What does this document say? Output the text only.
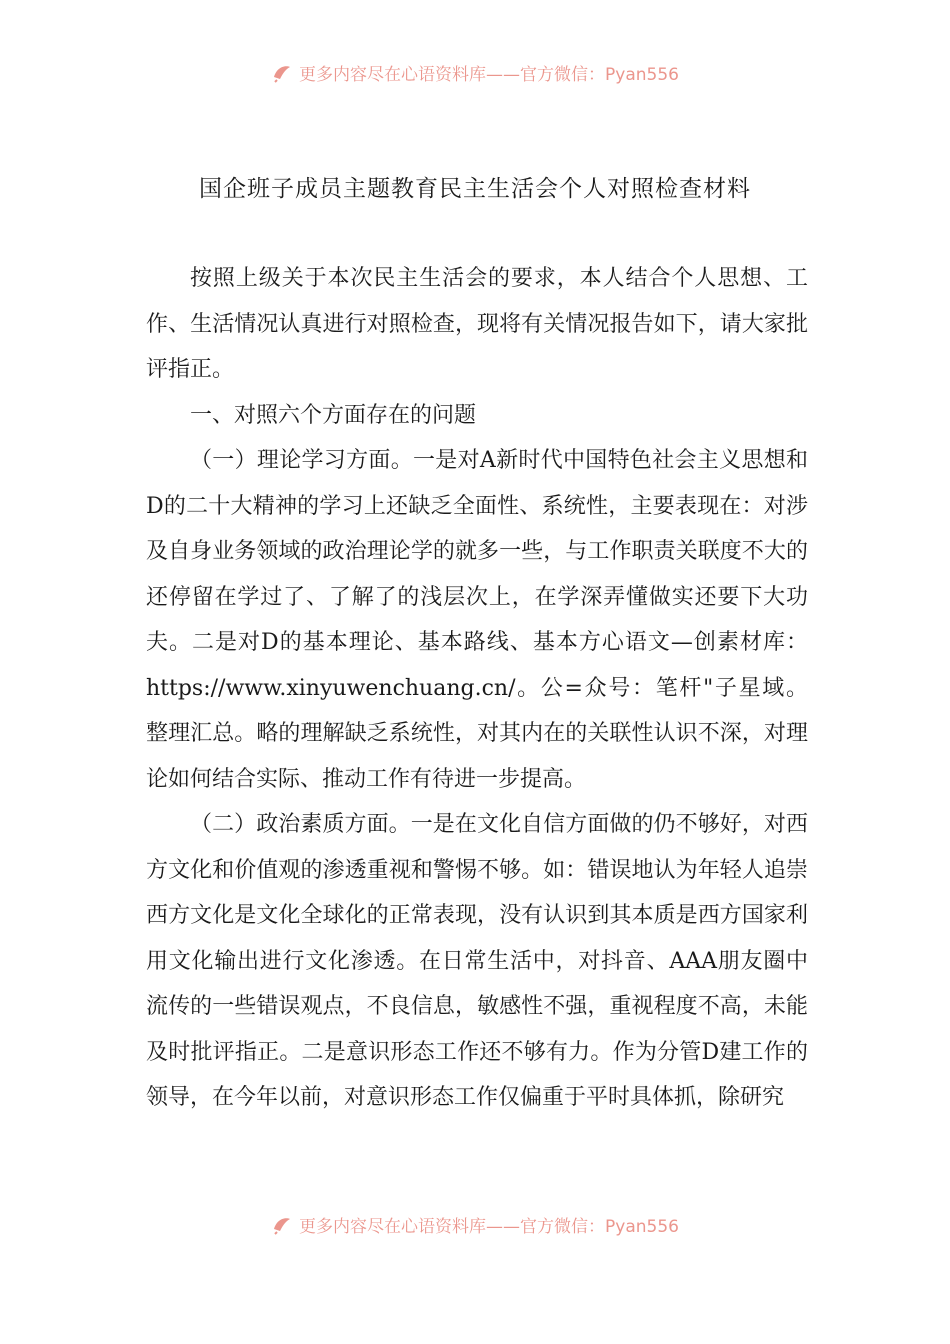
更多内容尽在心语资料库——官方微信：Pyan556
国企班子成员主题教育民主生活会个人对照检查材料

按照上级关于本次民主生活会的要求，本人结合个人思想、工作、生活情况认真进行对照检查，现将有关情况报告如下，请大家批评指正。

一、对照六个方面存在的问题

（一）理论学习方面。一是对A新时代中国特色社会主义思想和D的二十大精神的学习上还缺乏全面性、系统性，主要表现在：对涉及自身业务领域的政治理论学的就多一些，与工作职责关联度不大的还停留在学过了、了解了的浅层次上，在学深弄懂做实还要下大功夫。二是对D的基本理论、基本路线、基本方心语文—创素材库：https://www.xinyuwenchuang.cn/。公=众号：笔杆"子星域。整理汇总。略的理解缺乏系统性，对其内在的关联性认识不深，对理论如何结合实际、推动工作有待进一步提高。

（二）政治素质方面。一是在文化自信方面做的仍不够好，对西方文化和价值观的渗透重视和警惕不够。如：错误地认为年轻人追崇西方文化是文化全球化的正常表现，没有认识到其本质是西方国家利用文化输出进行文化渗透。在日常生活中，对抖音、AAA朋友圈中流传的一些错误观点，不良信息，敏感性不强，重视程度不高，未能及时批评指正。二是意识形态工作还不够有力。作为分管D建工作的领导，在今年以前，对意识形态工作仅偏重于平时具体抓，除研究

更多内容尽在心语资料库——官方微信：Pyan556
